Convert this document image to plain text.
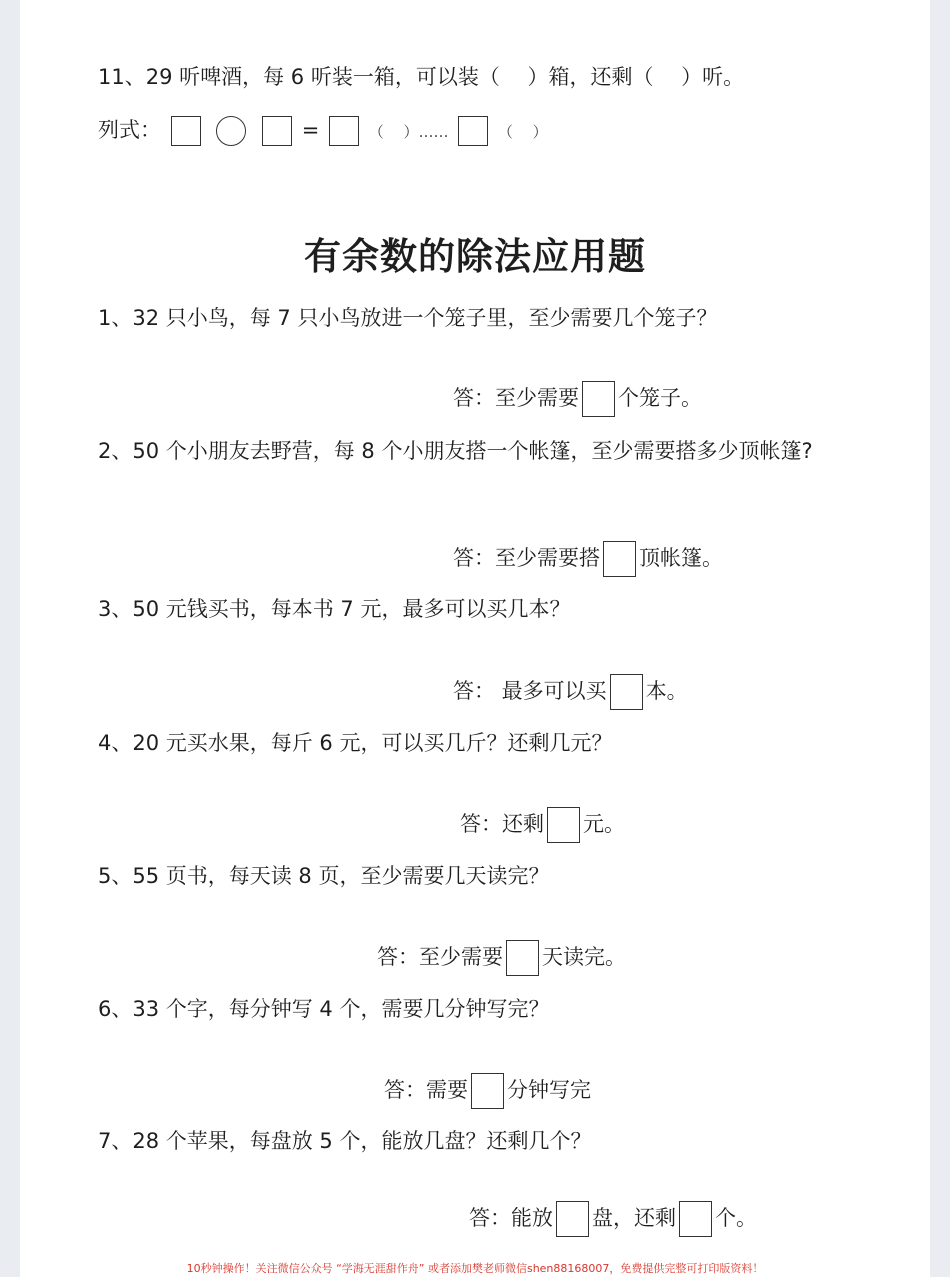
11、29 听啤酒，每 6 听装一箱，可以装（　 ）箱，还剩（　 ）听。
列式：	=	（　 ）……	（　 ）
有余数的除法应用题
1、32 只小鸟，每 7 只小鸟放进一个笼子里，至少需要几个笼子？
答：至少需要 个笼子。
2、50 个小朋友去野营，每 8 个小朋友搭一个帐篷，至少需要搭多少顶帐篷?
答：至少需要搭 顶帐篷。
3、50 元钱买书，每本书 7 元，最多可以买几本？
答： 最多可以买 本。
4、20 元买水果，每斤 6 元，可以买几斤？还剩几元？
答：还剩 元。
5、55 页书，每天读 8 页，至少需要几天读完？
答：至少需要 天读完。
6、33 个字，每分钟写 4 个，需要几分钟写完？
答：需要 分钟写完
7、28 个苹果，每盘放 5 个，能放几盘？还剩几个？
答：能放 盘，还剩 个。
10秒钟操作！关注微信公众号 “学海无涯甜作舟” 或者添加樊老师微信shen88168007，免费提供完整可打印版资料！
